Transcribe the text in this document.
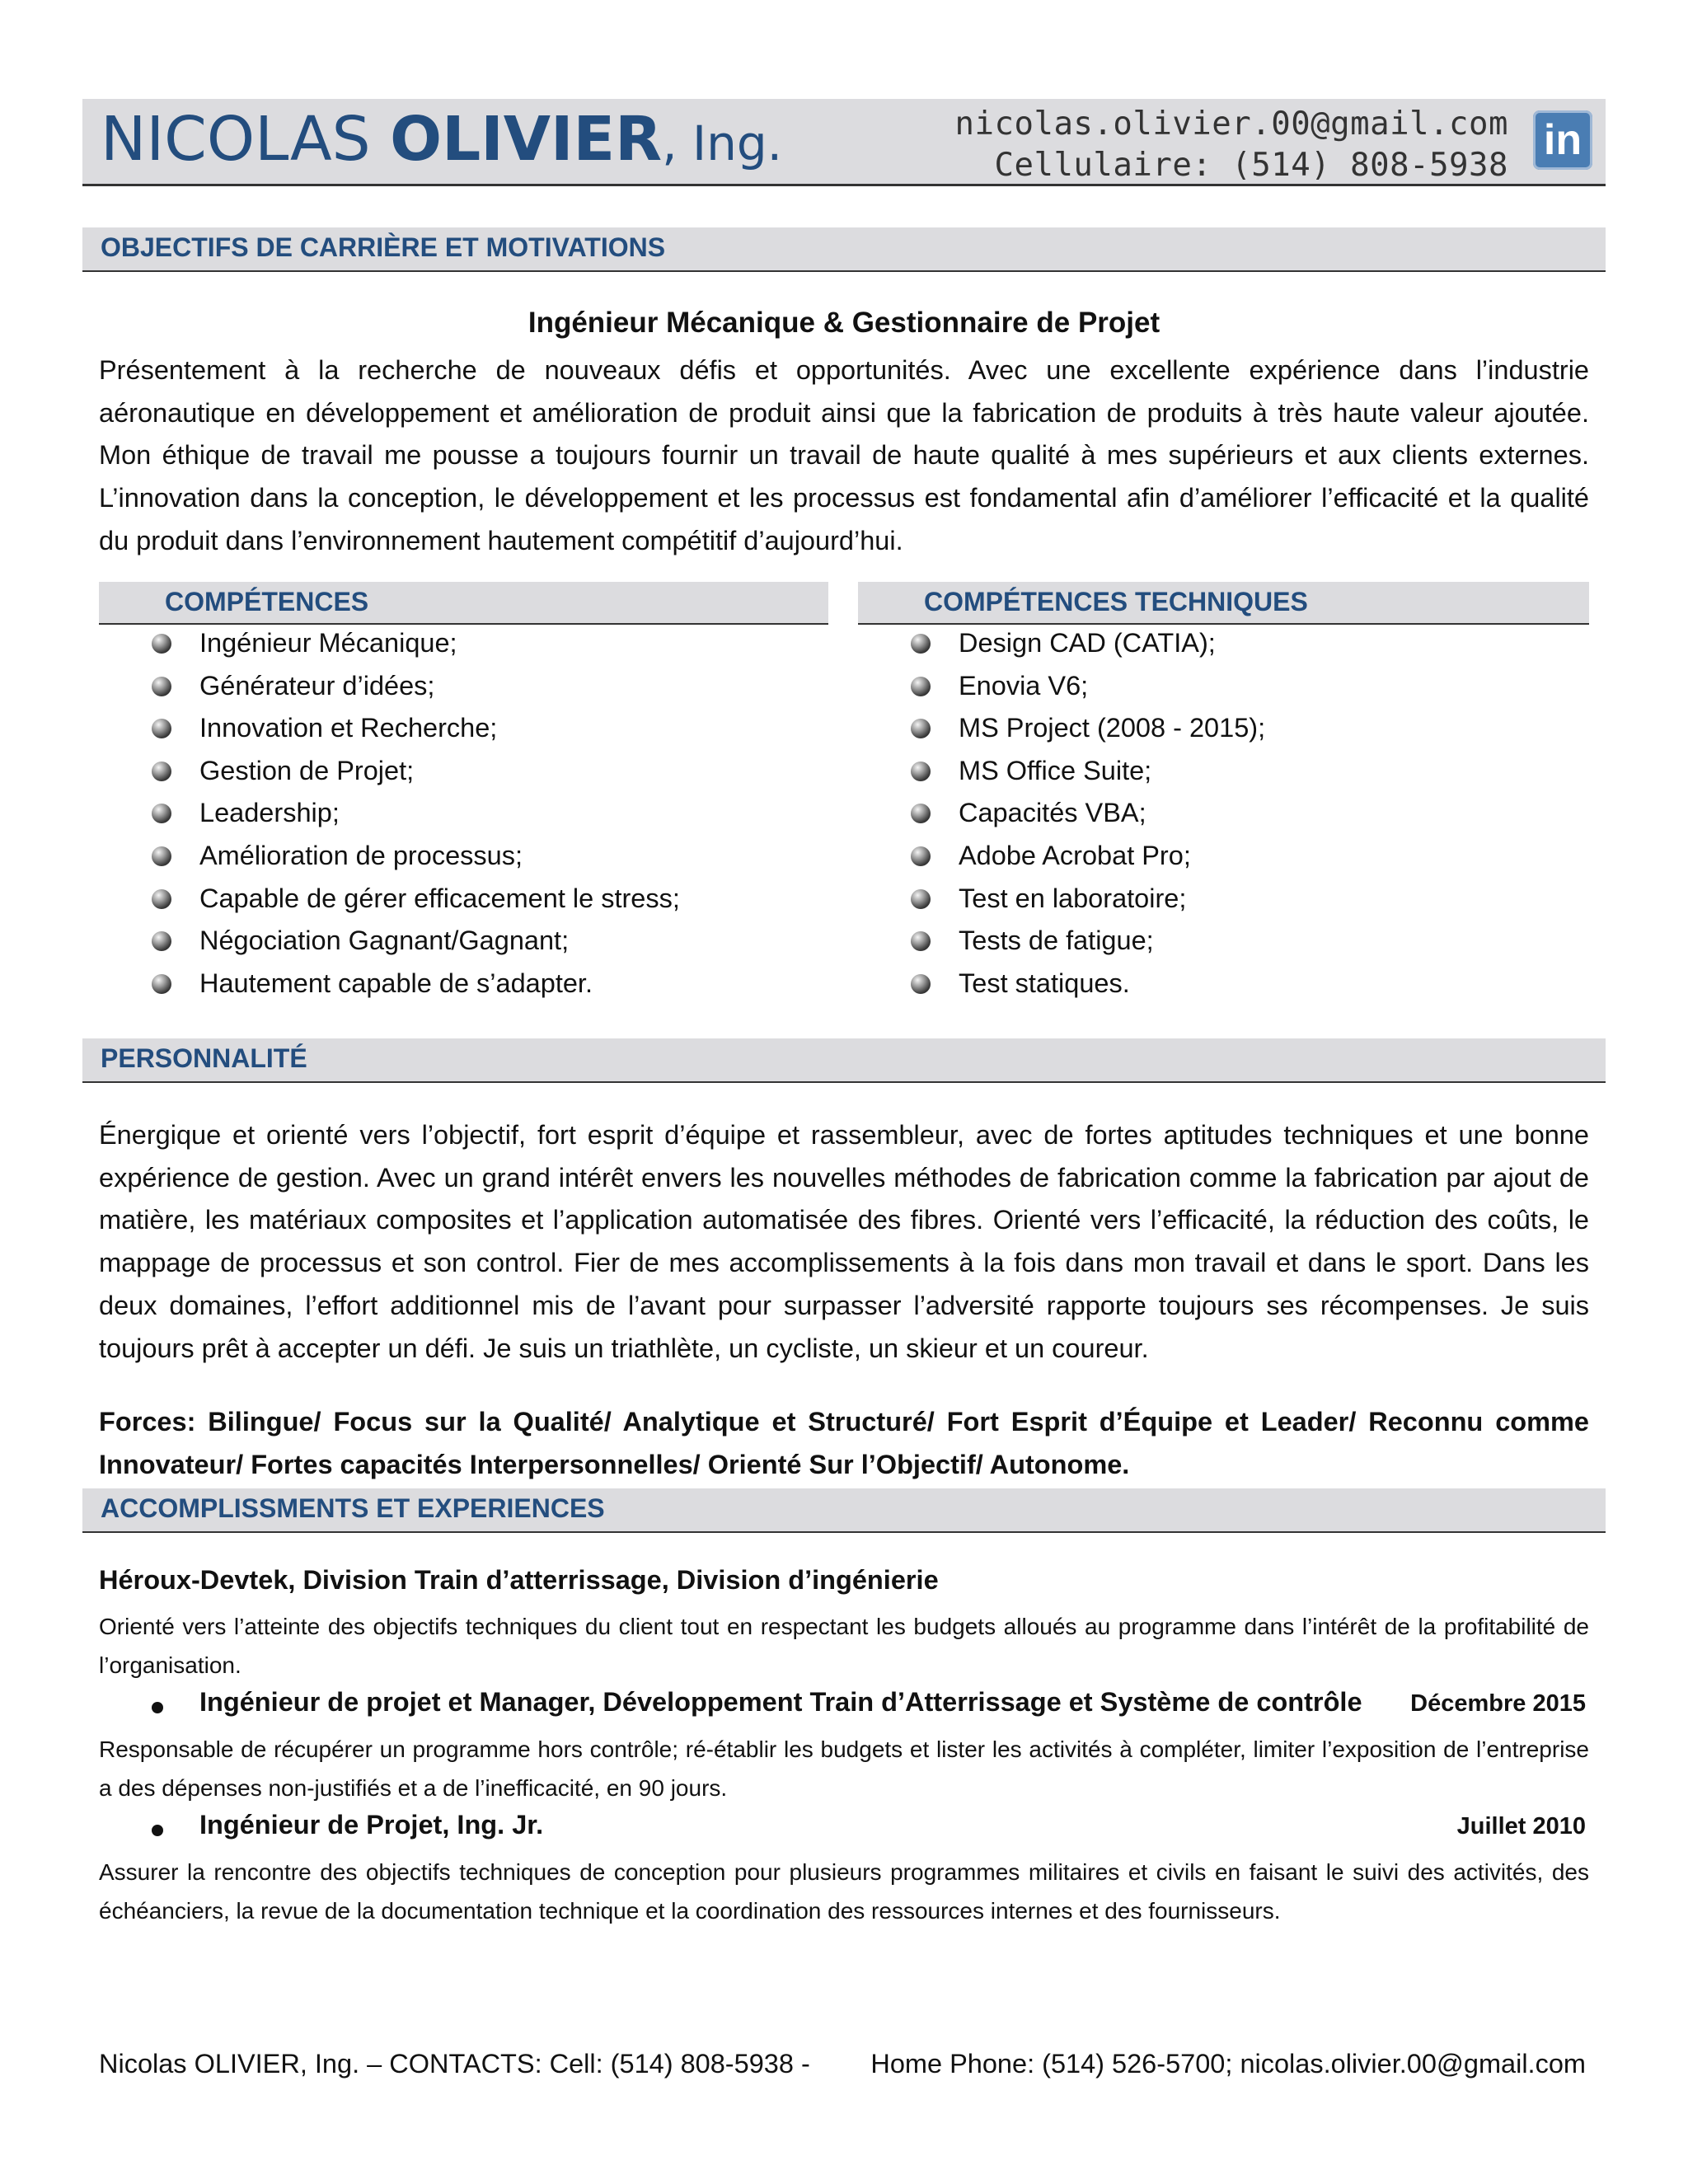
NICOLAS OLIVIER, Ing.	nicolas.olivier.00@gmail.com
Cellulaire: (514) 808-5938
in
OBJECTIFS DE CARRIÈRE ET MOTIVATIONS
Ingénieur Mécanique & Gestionnaire de Projet
Présentement à la recherche de nouveaux défis et opportunités. Avec une excellente expérience dans l’industrie aéronautique en développement et amélioration de produit ainsi que la fabrication de produits à très haute valeur ajoutée. Mon éthique de travail me pousse a toujours fournir un travail de haute qualité à mes supérieurs et aux clients externes. L’innovation dans la conception, le développement et les processus est fondamental afin d’améliorer l’efficacité et la qualité du produit dans l’environnement hautement compétitif d’aujourd’hui.
COMPÉTENCES
Ingénieur Mécanique;
Générateur d’idées;
Innovation et Recherche;
Gestion de Projet;
Leadership;
Amélioration de processus;
Capable de gérer efficacement le stress;
Négociation Gagnant/Gagnant;
Hautement capable de s’adapter.
COMPÉTENCES TECHNIQUES
Design CAD (CATIA);
Enovia V6;
MS Project (2008 - 2015);
MS Office Suite;
Capacités VBA;
Adobe Acrobat Pro;
Test en laboratoire;
Tests de fatigue;
Test statiques.
PERSONNALITÉ
Énergique et orienté vers l’objectif, fort esprit d’équipe et rassembleur, avec de fortes aptitudes techniques et une bonne expérience de gestion. Avec un grand intérêt envers les nouvelles méthodes de fabrication comme la fabrication par ajout de matière, les matériaux composites et l’application automatisée des fibres. Orienté vers l’efficacité, la réduction des coûts, le mappage de processus et son control. Fier de mes accomplissements à la fois dans mon travail et dans le sport. Dans les deux domaines, l’effort additionnel mis de l’avant pour surpasser l’adversité rapporte toujours ses récompenses. Je suis toujours prêt à accepter un défi. Je suis un triathlète, un cycliste, un skieur et un coureur.
Forces: Bilingue/ Focus sur la Qualité/ Analytique et Structuré/ Fort Esprit d’Équipe et Leader/ Reconnu comme Innovateur/ Fortes capacités Interpersonnelles/ Orienté Sur l’Objectif/ Autonome.
ACCOMPLISSMENTS ET EXPERIENCES
Héroux-Devtek, Division Train d’atterrissage, Division d’ingénierie
Orienté vers l’atteinte des objectifs techniques du client tout en respectant les budgets alloués au programme dans l’intérêt de la profitabilité de l’organisation.
Ingénieur de projet et Manager, Développement Train d’Atterrissage et Système de contrôle Décembre 2015
Responsable de récupérer un programme hors contrôle; ré-établir les budgets et lister les activités à compléter, limiter l’exposition de l’entreprise a des dépenses non-justifiés et a de l’inefficacité, en 90 jours.
Ingénieur de Projet, Ing. Jr.	Juillet 2010
Assurer la rencontre des objectifs techniques de conception pour plusieurs programmes militaires et civils en faisant le suivi des activités, des échéanciers, la revue de la documentation technique et la coordination des ressources internes et des fournisseurs.
Nicolas OLIVIER, Ing. – CONTACTS: Cell: (514) 808-5938 - Home Phone: (514) 526-5700; nicolas.olivier.00@gmail.com
